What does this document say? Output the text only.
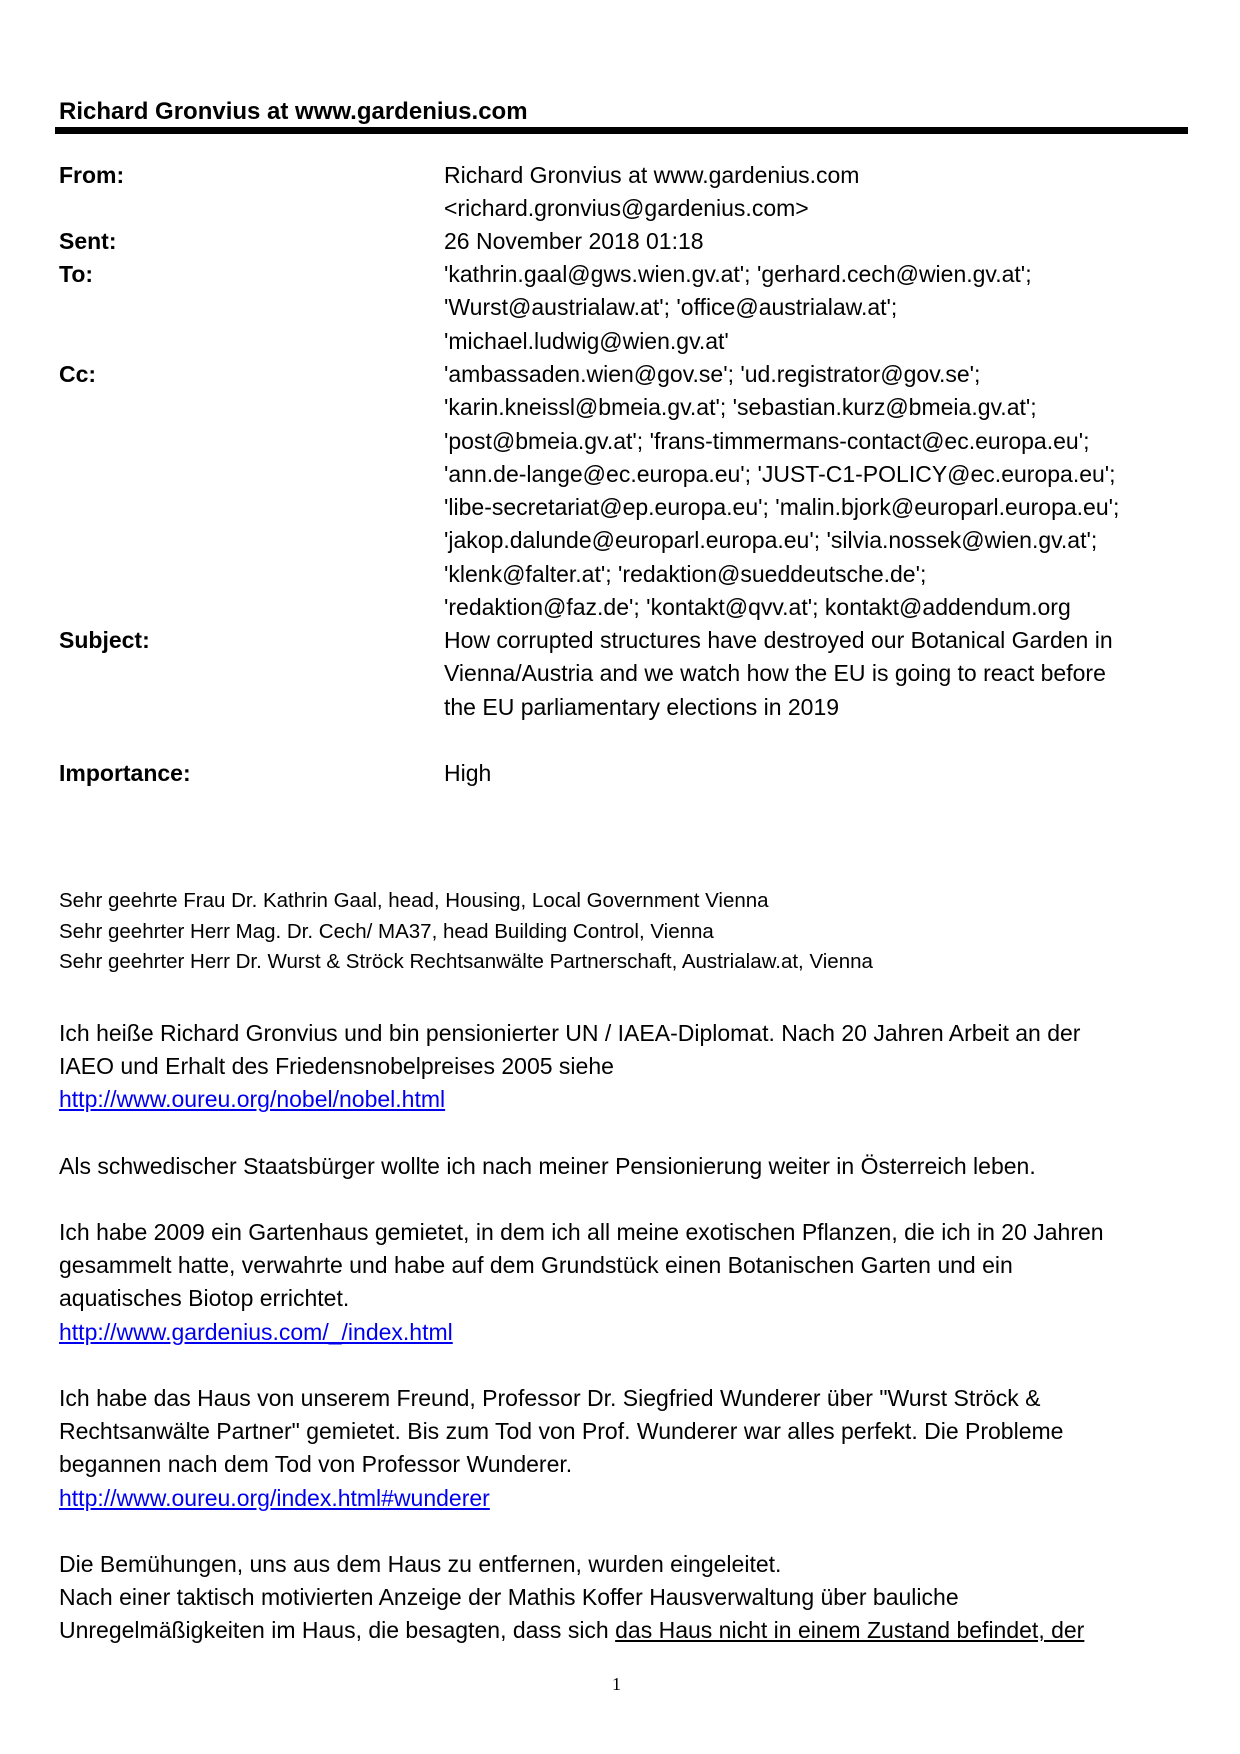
Richard Gronvius at www.gardenius.com
From:	Richard Gronvius at www.gardenius.com
<richard.gronvius@gardenius.com>
Sent:	26 November 2018 01:18
To:	'kathrin.gaal@gws.wien.gv.at'; 'gerhard.cech@wien.gv.at';
'Wurst@austrialaw.at'; 'office@austrialaw.at';
'michael.ludwig@wien.gv.at'
Cc:	'ambassaden.wien@gov.se'; 'ud.registrator@gov.se';
'karin.kneissl@bmeia.gv.at'; 'sebastian.kurz@bmeia.gv.at';
'post@bmeia.gv.at'; 'frans-timmermans-contact@ec.europa.eu';
'ann.de-lange@ec.europa.eu'; 'JUST-C1-POLICY@ec.europa.eu';
'libe-secretariat@ep.europa.eu'; 'malin.bjork@europarl.europa.eu';
'jakop.dalunde@europarl.europa.eu'; 'silvia.nossek@wien.gv.at';
'klenk@falter.at'; 'redaktion@sueddeutsche.de';
'redaktion@faz.de'; 'kontakt@qvv.at'; kontakt@addendum.org
Subject:	How corrupted structures have destroyed our Botanical Garden in
Vienna/Austria and we watch how the EU is going to react before
the EU parliamentary elections in 2019
Importance:	High
Sehr geehrte Frau Dr. Kathrin Gaal, head, Housing, Local Government Vienna
Sehr geehrter Herr Mag. Dr. Cech/ MA37, head Building Control, Vienna
Sehr geehrter Herr Dr. Wurst & Ströck Rechtsanwälte Partnerschaft, Austrialaw.at, Vienna
Ich heiße Richard Gronvius und bin pensionierter UN / IAEA-Diplomat. Nach 20 Jahren Arbeit an der
IAEO und Erhalt des Friedensnobelpreises 2005 siehe
http://www.oureu.org/nobel/nobel.html
Als schwedischer Staatsbürger wollte ich nach meiner Pensionierung weiter in Österreich leben.
Ich habe 2009 ein Gartenhaus gemietet, in dem ich all meine exotischen Pflanzen, die ich in 20 Jahren
gesammelt hatte, verwahrte und habe auf dem Grundstück einen Botanischen Garten und ein
aquatisches Biotop errichtet.
http://www.gardenius.com/_/index.html
Ich habe das Haus von unserem Freund, Professor Dr. Siegfried Wunderer über "Wurst Ströck &
Rechtsanwälte Partner" gemietet. Bis zum Tod von Prof. Wunderer war alles perfekt. Die Probleme
begannen nach dem Tod von Professor Wunderer.
http://www.oureu.org/index.html#wunderer
Die Bemühungen, uns aus dem Haus zu entfernen, wurden eingeleitet.
Nach einer taktisch motivierten Anzeige der Mathis Koffer Hausverwaltung über bauliche
Unregelmäßigkeiten im Haus, die besagten, dass sich das Haus nicht in einem Zustand befindet, der
1
